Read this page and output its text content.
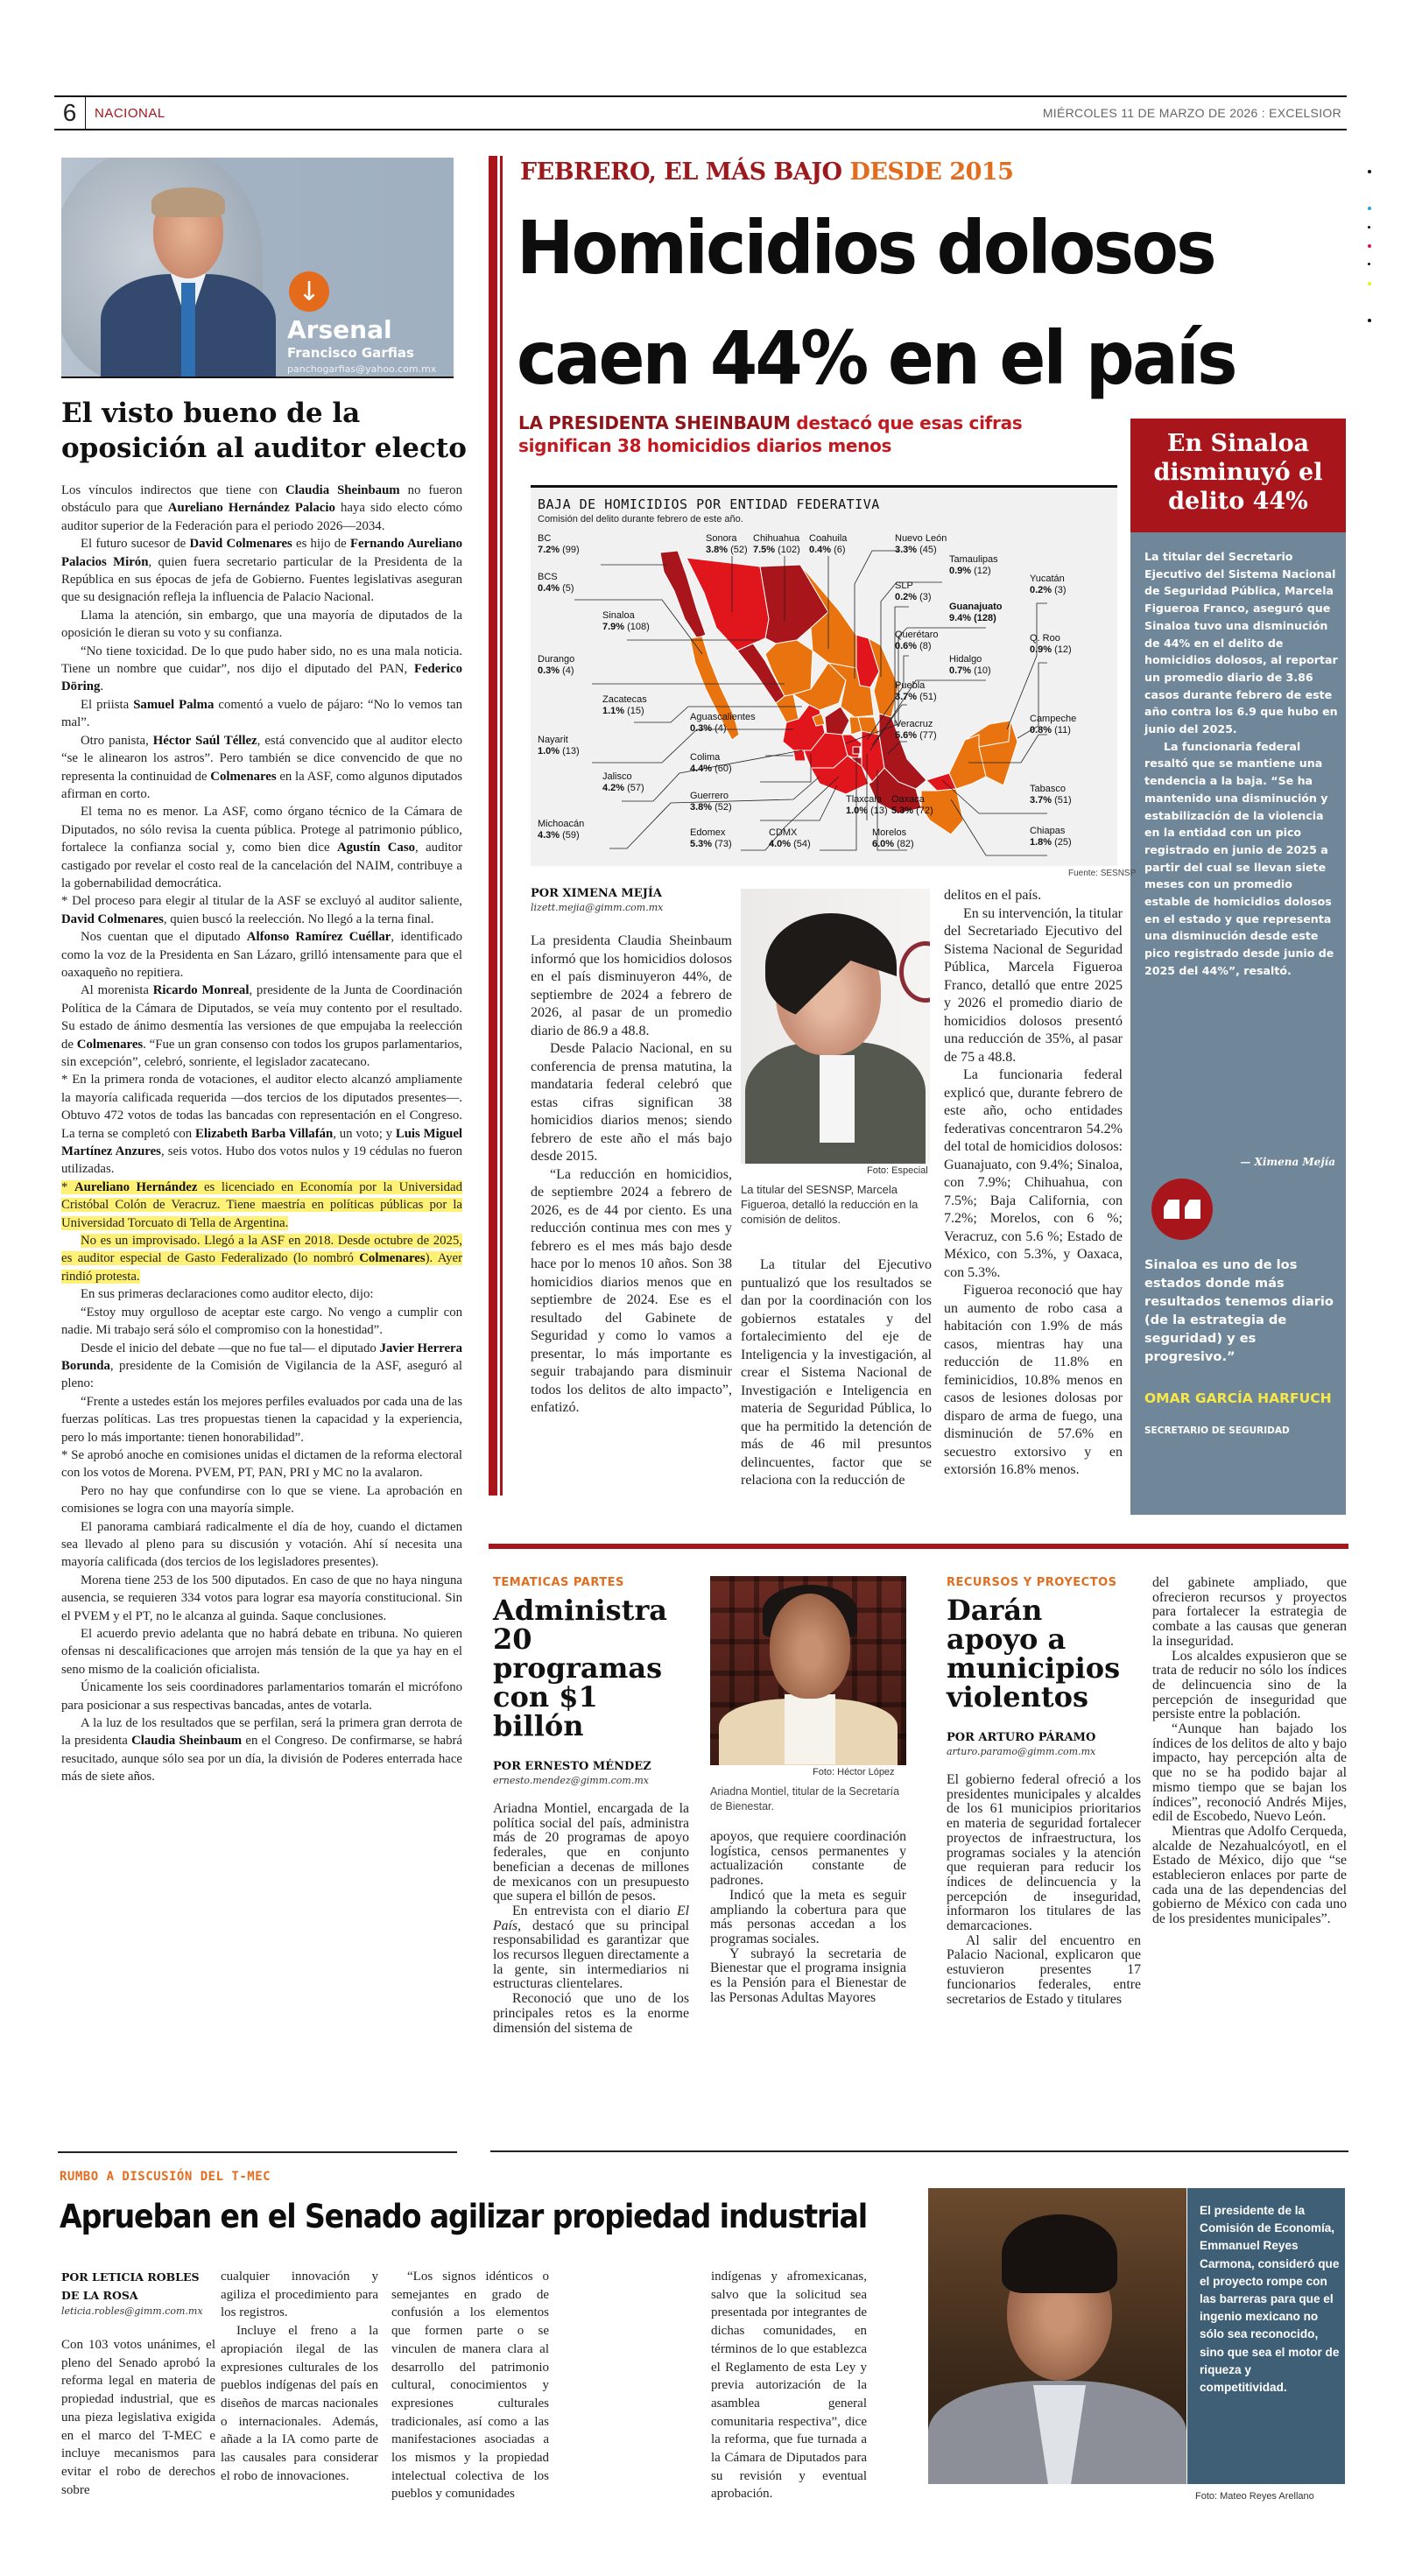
6	NACIONAL	MIÉRCOLES 11 DE MARZO DE 2026 : EXCELSIOR
↓
Arsenal
Francisco Garfias
panchogarfias@yahoo.com.mx
El visto bueno de la oposición al auditor electo

Los vínculos indirectos que tiene con Claudia Sheinbaum no fueron obstáculo para que Aureliano Hernández Palacio haya sido electo cómo auditor superior de la Federación para el periodo 2026—2034.

El futuro sucesor de David Colmenares es hijo de Fernando Aureliano Palacios Mirón, quien fuera secretario particular de la Presidenta de la República en sus épocas de jefa de Gobierno. Fuentes legislativas aseguran que su designación refleja la influencia de Palacio Nacional.

Llama la atención, sin embargo, que una mayoría de diputados de la oposición le dieran su voto y su confianza.

“No tiene toxicidad. De lo que pudo haber sido, no es una mala noticia. Tiene un nombre que cuidar”, nos dijo el diputado del PAN, Federico Döring.

El priista Samuel Palma comentó a vuelo de pájaro: “No lo vemos tan mal”.

Otro panista, Héctor Saúl Téllez, está convencido que al auditor electo “se le alinearon los astros”. Pero también se dice convencido de que no representa la continuidad de Colmenares en la ASF, como algunos diputados afirman en corto.

El tema no es menor. La ASF, como órgano técnico de la Cámara de Diputados, no sólo revisa la cuenta pública. Protege al patrimonio público, fortalece la confianza social y, como bien dice Agustín Caso, auditor castigado por revelar el costo real de la cancelación del NAIM, contribuye a la gobernabilidad democrática.

* Del proceso para elegir al titular de la ASF se excluyó al auditor saliente, David Colmenares, quien buscó la reelección. No llegó a la terna final.

Nos cuentan que el diputado Alfonso Ramírez Cuéllar, identificado como la voz de la Presidenta en San Lázaro, grilló intensamente para que el oaxaqueño no repitiera.

Al morenista Ricardo Monreal, presidente de la Junta de Coordinación Política de la Cámara de Diputados, se veía muy contento por el resultado. Su estado de ánimo desmentía las versiones de que empujaba la reelección de Colmenares. “Fue un gran consenso con todos los grupos parlamentarios, sin excepción”, celebró, sonriente, el legislador zacatecano.

* En la primera ronda de votaciones, el auditor electo alcanzó ampliamente la mayoría calificada requerida —dos tercios de los diputados presentes—. Obtuvo 472 votos de todas las bancadas con representación en el Congreso. La terna se completó con Elizabeth Barba Villafán, un voto; y Luis Miguel Martínez Anzures, seis votos. Hubo dos votos nulos y 19 cédulas no fueron utilizadas.

* Aureliano Hernández es licenciado en Economía por la Universidad Cristóbal Colón de Veracruz. Tiene maestría en políticas públicas por la Universidad Torcuato di Tella de Argentina.

No es un improvisado. Llegó a la ASF en 2018. Desde octubre de 2025, es auditor especial de Gasto Federalizado (lo nombró Colmenares). Ayer rindió protesta.

En sus primeras declaraciones como auditor electo, dijo:

“Estoy muy orgulloso de aceptar este cargo. No vengo a cumplir con nadie. Mi trabajo será sólo el compromiso con la honestidad”.

Desde el inicio del debate —que no fue tal— el diputado Javier Herrera Borunda, presidente de la Comisión de Vigilancia de la ASF, aseguró al pleno:

“Frente a ustedes están los mejores perfiles evaluados por cada una de las fuerzas políticas. Las tres propuestas tienen la capacidad y la experiencia, pero lo más importante: tienen honorabilidad”.

* Se aprobó anoche en comisiones unidas el dictamen de la reforma electoral con los votos de Morena. PVEM, PT, PAN, PRI y MC no la avalaron.

Pero no hay que confundirse con lo que se viene. La aprobación en comisiones se logra con una mayoría simple.

El panorama cambiará radicalmente el día de hoy, cuando el dictamen sea llevado al pleno para su discusión y votación. Ahí sí necesita una mayoría calificada (dos tercios de los legisladores presentes).

Morena tiene 253 de los 500 diputados. En caso de que no haya ninguna ausencia, se requieren 334 votos para lograr esa mayoría constitucional. Sin el PVEM y el PT, no le alcanza al guinda. Saque conclusiones.

El acuerdo previo adelanta que no habrá debate en tribuna. No quieren ofensas ni descalificaciones que arrojen más tensión de la que ya hay en el seno mismo de la coalición oficialista.

Únicamente los seis coordinadores parlamentarios tomarán el micrófono para posicionar a sus respectivas bancadas, antes de votarla.

A la luz de los resultados que se perfilan, será la primera gran derrota de la presidenta Claudia Sheinbaum en el Congreso. De confirmarse, se habrá resucitado, aunque sólo sea por un día, la división de Poderes enterrada hace más de siete años.

FEBRERO, EL MÁS BAJO DESDE 2015
Homicidios dolosos
caen 44% en el país
LA PRESIDENTA SHEINBAUM destacó que esas cifras significan 38 homicidios diarios menos	En Sinaloa disminuyó el delito 44%

La titular del Secretario Ejecutivo del Sistema Nacional de Seguridad Pública, Marcela Figueroa Franco, aseguró que Sinaloa tuvo una disminución de 44% en el delito de homicidios dolosos, al reportar un promedio diario de 3.86 casos durante febrero de este año contra los 6.9 que hubo en junio del 2025.

La funcionaria federal resaltó que se mantiene una tendencia a la baja. “Se ha mantenido una disminución y estabilización de la violencia en la entidad con un pico registrado en junio de 2025 a partir del cual se llevan siete meses con un promedio estable de homicidios dolosos en el estado y que representa una disminución desde este pico registrado desde junio de 2025 del 44%”, resaltó.

— Ximena Mejía
Sinaloa es uno de los estados donde más resultados tenemos diario (de la estrategia de seguridad) y es progresivo.”
OMAR GARCÍA HARFUCH
SECRETARIO DE SEGURIDAD
BAJA DE HOMICIDIOS POR ENTIDAD FEDERATIVA
Comisión del delito durante febrero de este año.
BC
7.2% (99)
BCS
0.4% (5)
Sinaloa
7.9% (108)
Durango
0.3% (4)
Zacatecas
1.1% (15)
Nayarit
1.0% (13)
Jalisco
4.2% (57)
Michoacán
4.3% (59)
Sonora
3.8% (52)
Chihuahua
7.5% (102)
Coahuila
0.4% (6)
Aguascalientes
0.3% (4)
Colima
4.4% (60)
Guerrero
3.8% (52)
Edomex
5.3% (73)
CDMX
4.0% (54)
Tlaxcala
1.0% (13)
Morelos
6.0% (82)
Oaxaca
5.3% (72)
Nuevo León
3.3% (45)
SLP
0.2% (3)
Querétaro
0.6% (8)
Puebla
3.7% (51)
Veracruz
5.6% (77)
Tamaulipas
0.9% (12)
Guanajuato
9.4% (128)
Hidalgo
0.7% (10)
Yucatán
0.2% (3)
Q. Roo
0.9% (12)
Campeche
0.8% (11)
Tabasco
3.7% (51)
Chiapas
1.8% (25)
Fuente: SESNSP
POR XIMENA MEJÍA
lizett.mejia@gimm.com.mx

La presidenta Claudia Sheinbaum informó que los homicidios dolosos en el país disminuyeron 44%, de septiembre de 2024 a febrero de 2026, al pasar de un promedio diario de 86.9 a 48.8.

Desde Palacio Nacional, en su conferencia de prensa matutina, la mandataria federal celebró que estas cifras significan 38 homicidios diarios menos; siendo febrero de este año el más bajo desde 2015.

“La reducción en homicidios, de septiembre 2024 a febrero de 2026, es de 44 por ciento. Es una reducción continua mes con mes y febrero es el mes más bajo desde hace por lo menos 10 años. Son 38 homicidios diarios menos que en septiembre de 2024. Ese es el resultado del Gabinete de Seguridad y como lo vamos a presentar, lo más importante es seguir trabajando para disminuir todos los delitos de alto impacto”, enfatizó.

Foto: Especial
La titular del SESNSP, Marcela Figueroa, detalló la reducción en la comisión de delitos.

La titular del Ejecutivo puntualizó que los resultados se dan por la coordinación con los gobiernos estatales y del fortalecimiento del eje de Inteligencia y la investigación, al crear el Sistema Nacional de Investigación e Inteligencia en materia de Seguridad Pública, lo que ha permitido la detención de más de 46 mil presuntos delincuentes, factor que se relaciona con la reducción de

delitos en el país.

En su intervención, la titular del Secretariado Ejecutivo del Sistema Nacional de Seguridad Pública, Marcela Figueroa Franco, detalló que entre 2025 y 2026 el promedio diario de homicidios dolosos presentó una reducción de 35%, al pasar de 75 a 48.8.

La funcionaria federal explicó que, durante febrero de este año, ocho entidades federativas concentraron 54.2% del total de homicidios dolosos: Guanajuato, con 9.4%; Sinaloa, con 7.9%; Chihuahua, con 7.5%; Baja California, con 7.2%; Morelos, con 6 %; Veracruz, con 5.6 %; Estado de México, con 5.3%, y Oaxaca, con 5.3%.

Figueroa reconoció que hay un aumento de robo casa a habitación con 1.9% de más casos, mientras hay una reducción de 11.8% en feminicidios, 10.8% menos en casos de lesiones dolosas por disparo de arma de fuego, una disminución de 57.6% en secuestro extorsivo y en extorsión 16.8% menos.

TEMATICAS PARTES
Administra 20 programas con $1 billón
POR ERNESTO MÉNDEZ
ernesto.mendez@gimm.com.mx

Ariadna Montiel, encargada de la política social del país, administra más de 20 programas de apoyo federales, que en conjunto benefician a decenas de millones de mexicanos con un presupuesto que supera el billón de pesos.

En entrevista con el diario El País, destacó que su principal responsabilidad es garantizar que los recursos lleguen directamente a la gente, sin intermediarios ni estructuras clientelares.

Reconoció que uno de los principales retos es la enorme dimensión del sistema de

Foto: Héctor López
Ariadna Montiel, titular de la Secretaría de Bienestar.

apoyos, que requiere coordinación logística, censos permanentes y actualización constante de padrones.

Indicó que la meta es seguir ampliando la cobertura para que más personas accedan a los programas sociales.

Y subrayó la secretaria de Bienestar que el programa insignia es la Pensión para el Bienestar de las Personas Adultas Mayores

RECURSOS Y PROYECTOS
Darán apoyo a municipios violentos
POR ARTURO PÁRAMO
arturo.paramo@gimm.com.mx

El gobierno federal ofreció a los presidentes municipales y alcaldes de los 61 municipios prioritarios en materia de seguridad fortalecer proyectos de infraestructura, los programas sociales y la atención que requieran para reducir los índices de delincuencia y la percepción de inseguridad, informaron los titulares de las demarcaciones.

Al salir del encuentro en Palacio Nacional, explicaron que estuvieron presentes 17 funcionarios federales, entre secretarios de Estado y titulares

del gabinete ampliado, que ofrecieron recursos y proyectos para fortalecer la estrategia de combate a las causas que generan la inseguridad.

Los alcaldes expusieron que se trata de reducir no sólo los índices de delincuencia sino de la percepción de inseguridad que persiste entre la población.

“Aunque han bajado los índices de los delitos de alto y bajo impacto, hay percepción alta de que no se ha podido bajar al mismo tiempo que se bajan los índices”, reconoció Andrés Mijes, edil de Escobedo, Nuevo León.

Mientras que Adolfo Cerqueda, alcalde de Nezahualcóyotl, en el Estado de México, dijo que “se establecieron enlaces por parte de cada una de las dependencias del gobierno de México con cada uno de los presidentes municipales”.

RUMBO A DISCUSIÓN DEL T-MEC
Aprueban en el Senado agilizar propiedad industrial
POR LETICIA ROBLES
DE LA ROSA
leticia.robles@gimm.com.mx

Con 103 votos unánimes, el pleno del Senado aprobó la reforma legal en materia de propiedad industrial, que es una pieza legislativa exigida en el marco del T-MEC e incluye mecanismos para evitar el robo de derechos sobre

cualquier innovación y agiliza el procedimiento para los registros.

Incluye el freno a la apropiación ilegal de las expresiones culturales de los pueblos indígenas del país en diseños de marcas nacionales o internacionales. Además, añade a la IA como parte de las causales para considerar el robo de innovaciones.

“Los signos idénticos o semejantes en grado de confusión a los elementos que formen parte o se vinculen de manera clara al desarrollo del patrimonio cultural, conocimientos y expresiones culturales tradicionales, así como a las manifestaciones asociadas a los mismos y la propiedad intelectual colectiva de los pueblos y comunidades

indígenas y afromexicanas, salvo que la solicitud sea presentada por integrantes de dichas comunidades, en términos de lo que establezca el Reglamento de esta Ley y previa autorización de la asamblea general comunitaria respectiva”, dice la reforma, que fue turnada a la Cámara de Diputados para su revisión y eventual aprobación.

El presidente de la Comisión de Economía, Emmanuel Reyes Carmona, consideró que el proyecto rompe con las barreras para que el ingenio mexicano no sólo sea reconocido, sino que sea el motor de riqueza y competitividad.
Foto: Mateo Reyes Arellano
